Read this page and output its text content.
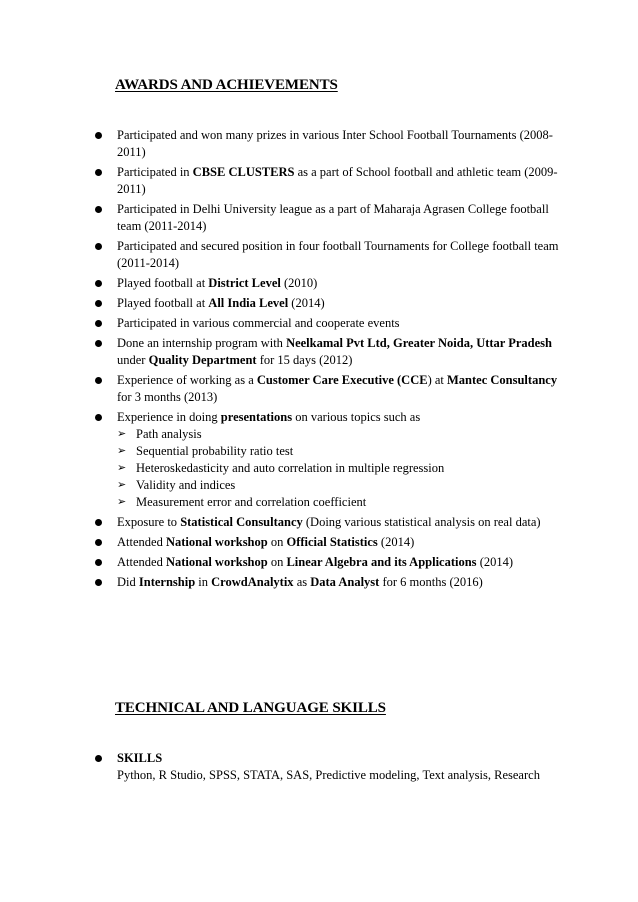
AWARDS AND ACHIEVEMENTS
Participated and won many prizes in various Inter School Football Tournaments (2008-2011)
Participated in CBSE CLUSTERS as a part of School football and athletic team (2009-2011)
Participated in Delhi University league as a part of Maharaja Agrasen College football team (2011-2014)
Participated and secured position in four football Tournaments for College football team (2011-2014)
Played football at District Level (2010)
Played football at All India Level (2014)
Participated in various commercial and cooperate events
Done an internship program with Neelkamal Pvt Ltd, Greater Noida, Uttar Pradesh under Quality Department for 15 days (2012)
Experience of working as a Customer Care Executive (CCE) at Mantec Consultancy for 3 months (2013)
Experience in doing presentations on various topics such as
➢ Path analysis
➢ Sequential probability ratio test
➢ Heteroskedasticity and auto correlation in multiple regression
➢ Validity and indices
➢ Measurement error and correlation coefficient
Exposure to Statistical Consultancy (Doing various statistical analysis on real data)
Attended National workshop on Official Statistics (2014)
Attended National workshop on Linear Algebra and its Applications (2014)
Did Internship in CrowdAnalytix as Data Analyst for 6 months (2016)
TECHNICAL AND LANGUAGE SKILLS
SKILLS
Python, R Studio, SPSS, STATA, SAS, Predictive modeling, Text analysis, Research
